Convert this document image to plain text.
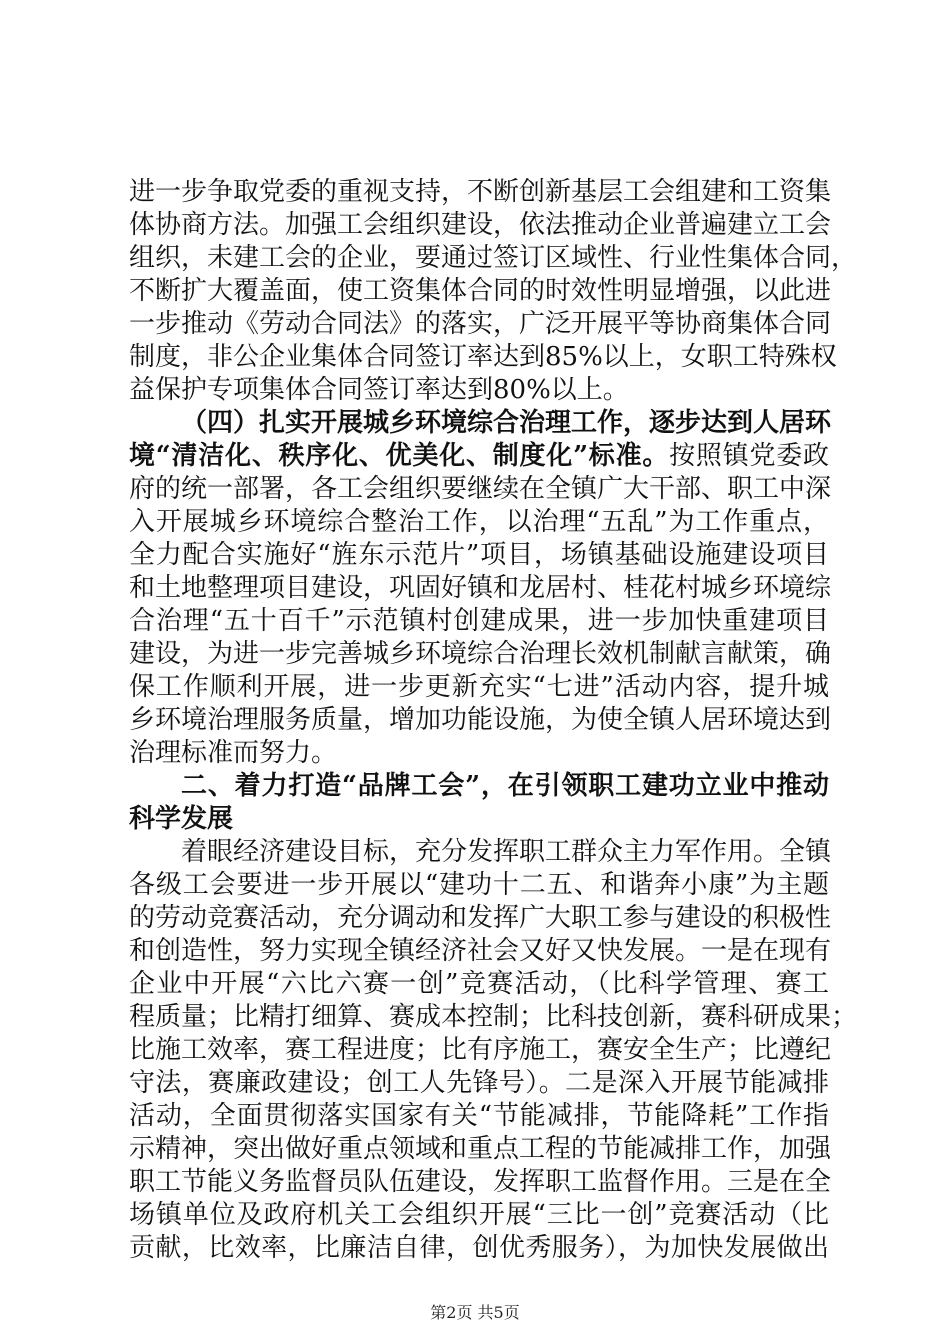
进一步争取党委的重视支持，不断创新基层工会组建和工资集
体协商方法。加强工会组织建设，依法推动企业普遍建立工会
组织，未建工会的企业，要通过签订区域性、行业性集体合同，
不断扩大覆盖面，使工资集体合同的时效性明显增强，以此进
一步推动《劳动合同法》的落实，广泛开展平等协商集体合同
制度，非公企业集体合同签订率达到85%以上，女职工特殊权
益保护专项集体合同签订率达到80%以上。
（四）扎实开展城乡环境综合治理工作，逐步达到人居环
境“清洁化、秩序化、优美化、制度化”标准。按照镇党委政
府的统一部署，各工会组织要继续在全镇广大干部、职工中深
入开展城乡环境综合整治工作，以治理“五乱”为工作重点，
全力配合实施好“旌东示范片”项目，场镇基础设施建设项目
和土地整理项目建设，巩固好镇和龙居村、桂花村城乡环境综
合治理“五十百千”示范镇村创建成果，进一步加快重建项目
建设，为进一步完善城乡环境综合治理长效机制献言献策，确
保工作顺利开展，进一步更新充实“七进”活动内容，提升城
乡环境治理服务质量，增加功能设施，为使全镇人居环境达到
治理标准而努力。
二、着力打造“品牌工会”，在引领职工建功立业中推动
科学发展
着眼经济建设目标，充分发挥职工群众主力军作用。全镇
各级工会要进一步开展以“建功十二五、和谐奔小康”为主题
的劳动竞赛活动，充分调动和发挥广大职工参与建设的积极性
和创造性，努力实现全镇经济社会又好又快发展。一是在现有
企业中开展“六比六赛一创”竞赛活动，（比科学管理、赛工
程质量；比精打细算、赛成本控制；比科技创新，赛科研成果；
比施工效率，赛工程进度；比有序施工，赛安全生产；比遵纪
守法，赛廉政建设；创工人先锋号）。二是深入开展节能减排
活动，全面贯彻落实国家有关“节能减排，节能降耗”工作指
示精神，突出做好重点领域和重点工程的节能减排工作，加强
职工节能义务监督员队伍建设，发挥职工监督作用。三是在全
场镇单位及政府机关工会组织开展“三比一创”竞赛活动（比
贡献，比效率，比廉洁自律，创优秀服务），为加快发展做出
第2页 共5页
